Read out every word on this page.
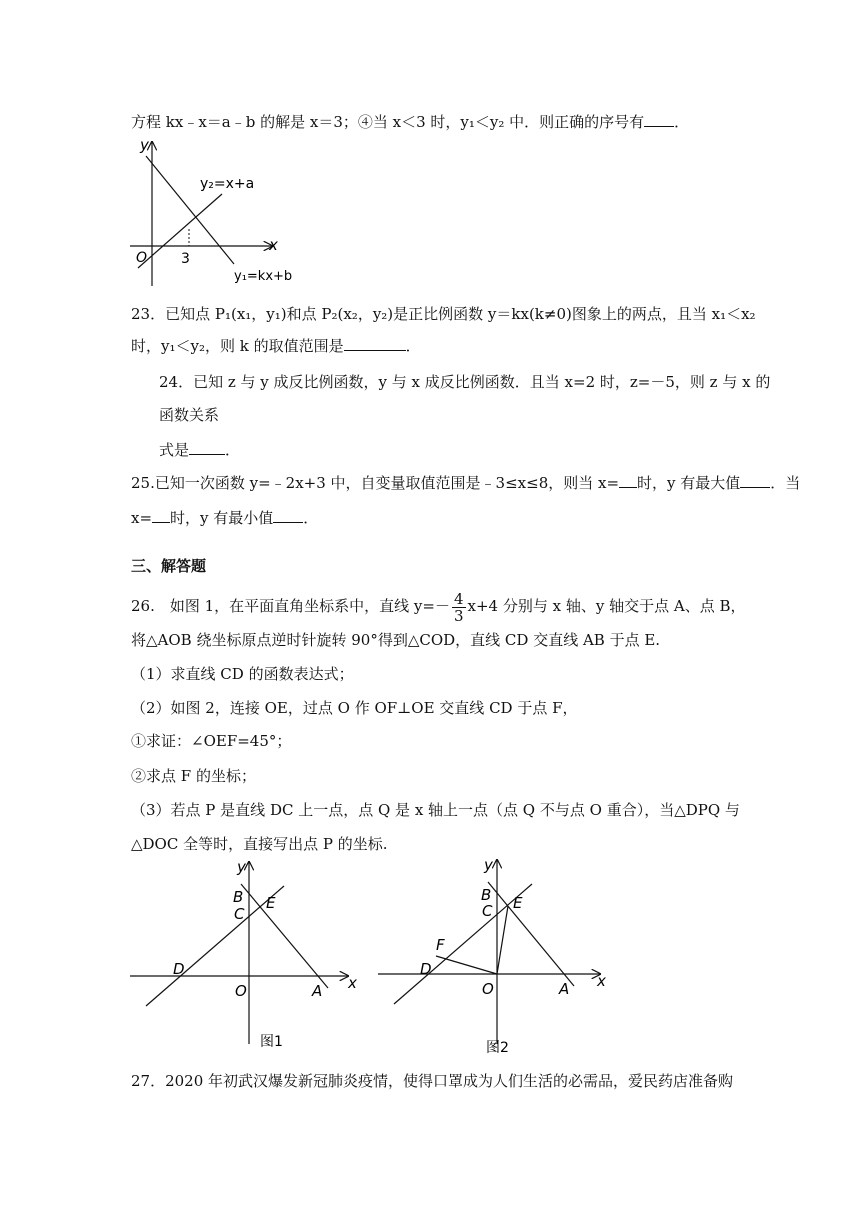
方程 kx﹣x＝a﹣b 的解是 x＝3；④当 x＜3 时，y₁＜y₂ 中．则正确的序号有 ．
y
x
O 3
y₂=x+a
y₁=kx+b
23．已知点 P₁(x₁，y₁)和点 P₂(x₂，y₂)是正比例函数 y＝kx(k≠0)图象上的两点，且当 x₁＜x₂
时，y₁＜y₂，则 k 的取值范围是	．
24．已知 z 与 y 成反比例函数，y 与 x 成反比例函数．且当 x=2 时，z=－5，则 z 与 x 的
函数关系
式是 ．
25.已知一次函数 y=﹣2x+3 中，自变量取值范围是﹣3≤x≤8，则当 x= 时，y 有最大值 ．当
x= 时，y 有最小值 ．
三、解答题
26.　如图 1，在平面直角坐标系中，直线 $y=- \frac{4}{3} x+4$ 分别与 x 轴、y 轴交于点 A、点 B，
将△AOB 绕坐标原点逆时针旋转 90°得到△COD，直线 CD 交直线 AB 于点 E.
（1）求直线 CD 的函数表达式；
（2）如图 2，连接 OE，过点 O 作 OF⊥OE 交直线 CD 于点 F，
①求证：∠OEF=45°；
②求点 F 的坐标；
（3）若点 P 是直线 DC 上一点，点 Q 是 x 轴上一点（点 Q 不与点 O 重合），当△DPQ 与
△DOC 全等时，直接写出点 P 的坐标.
y
x
B
C
E
D
O	A
图1
y
x
B
C E
F
D
O	A
图2
27．2020 年初武汉爆发新冠肺炎疫情，使得口罩成为人们生活的必需品，爱民药店准备购
